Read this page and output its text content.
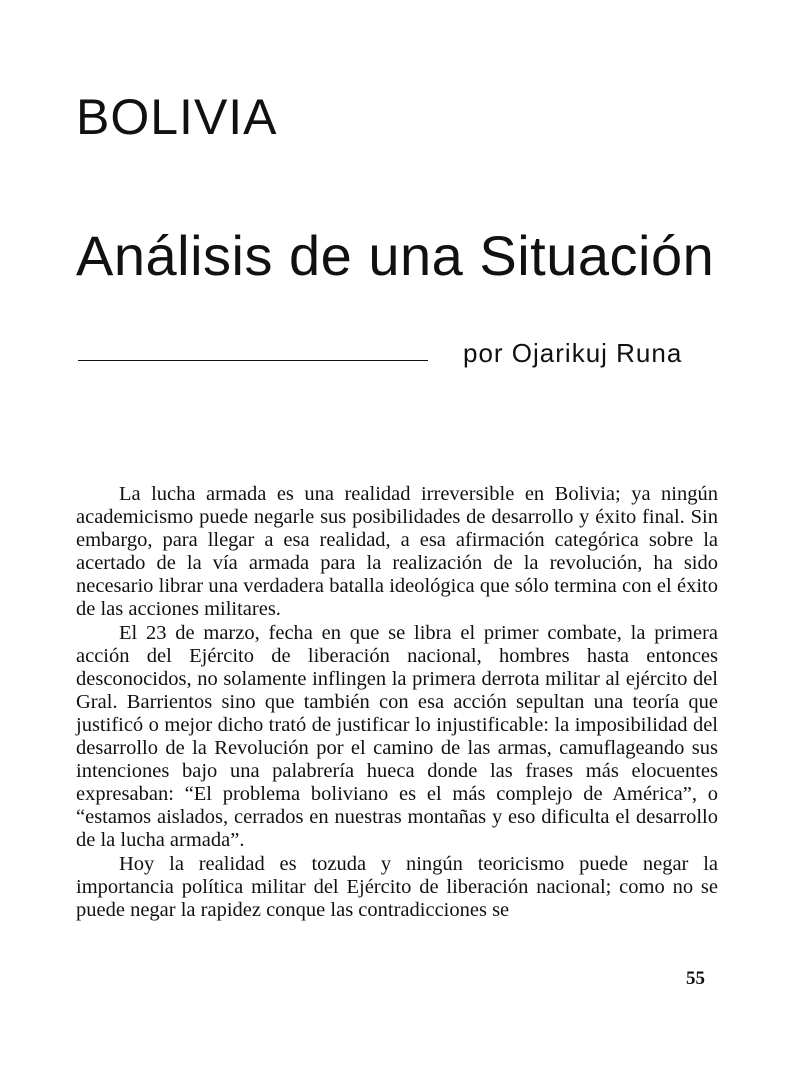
BOLIVIA
Análisis de una Situación
por Ojarikuj Runa

La lucha armada es una realidad irreversible en Bolivia; ya ningún academicismo puede negarle sus posibilidades de desarrollo y éxito final. Sin embargo, para llegar a esa realidad, a esa afirmación categórica sobre la acertado de la vía armada para la realización de la revolución, ha sido necesario librar una verdadera batalla ideológica que sólo termina con el éxito de las acciones militares.

El 23 de marzo, fecha en que se libra el primer combate, la primera acción del Ejército de liberación nacional, hombres hasta entonces desconocidos, no solamente inflingen la primera derrota militar al ejército del Gral. Barrientos sino que también con esa acción sepultan una teoría que justificó o mejor dicho trató de justificar lo injustificable: la imposibilidad del desarrollo de la Revolución por el camino de las armas, camuflageando sus intenciones bajo una palabrería hueca donde las frases más elocuentes expresaban: “El problema boliviano es el más complejo de América”, o “estamos aislados, cerrados en nuestras montañas y eso dificulta el desarrollo de la lucha armada”.

Hoy la realidad es tozuda y ningún teoricismo puede negar la importancia política militar del Ejército de liberación nacional; como no se puede negar la rapidez conque las contradicciones se

55
